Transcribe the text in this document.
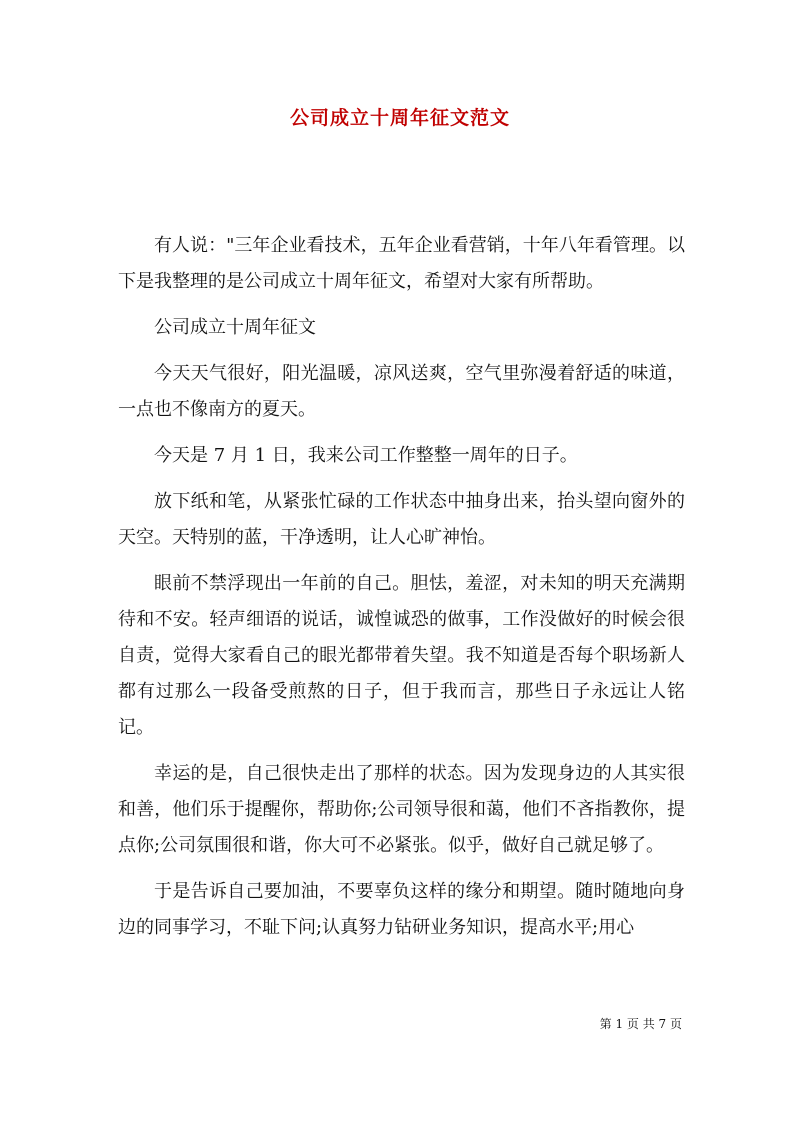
公司成立十周年征文范文

有人说："三年企业看技术，五年企业看营销，十年八年看管理。以下是我整理的是公司成立十周年征文，希望对大家有所帮助。

公司成立十周年征文

今天天气很好，阳光温暖，凉风送爽，空气里弥漫着舒适的味道，一点也不像南方的夏天。

今天是 7 月 1 日，我来公司工作整整一周年的日子。

放下纸和笔，从紧张忙碌的工作状态中抽身出来，抬头望向窗外的天空。天特别的蓝，干净透明，让人心旷神怡。

眼前不禁浮现出一年前的自己。胆怯，羞涩，对未知的明天充满期待和不安。轻声细语的说话，诚惶诚恐的做事，工作没做好的时候会很自责，觉得大家看自己的眼光都带着失望。我不知道是否每个职场新人都有过那么一段备受煎熬的日子，但于我而言，那些日子永远让人铭记。

幸运的是，自己很快走出了那样的状态。因为发现身边的人其实很和善，他们乐于提醒你，帮助你;公司领导很和蔼，他们不吝指教你，提点你;公司氛围很和谐，你大可不必紧张。似乎，做好自己就足够了。

于是告诉自己要加油，不要辜负这样的缘分和期望。随时随地向身边的同事学习，不耻下问;认真努力钻研业务知识，提高水平;用心

第 1 页 共 7 页
